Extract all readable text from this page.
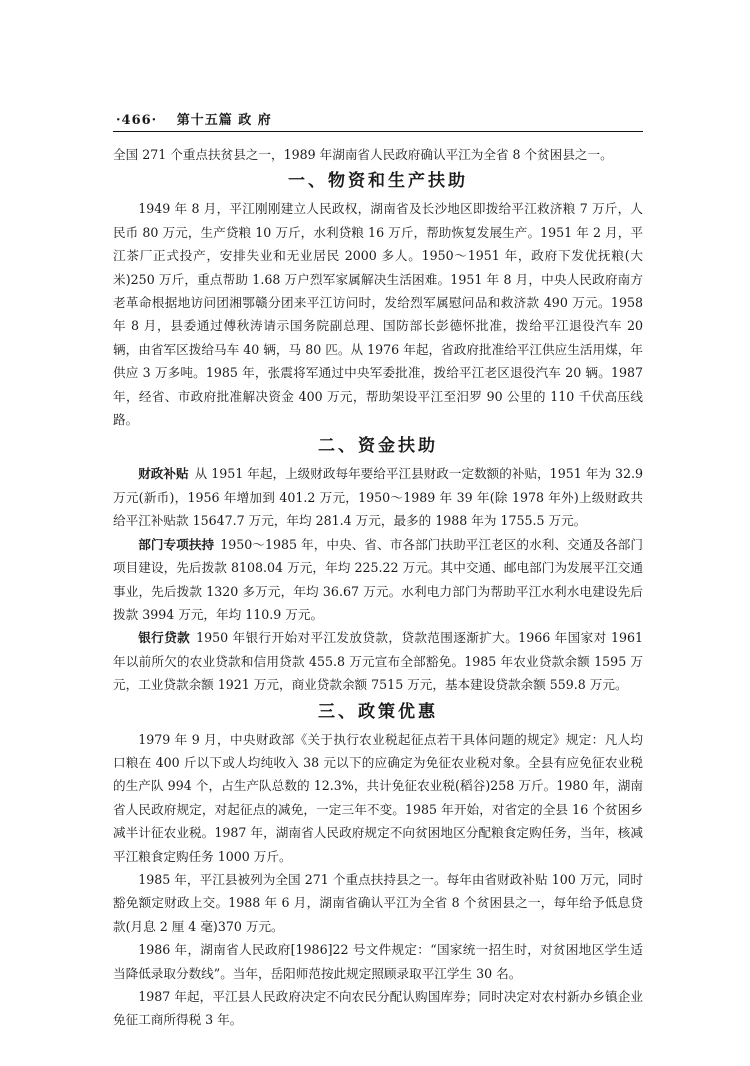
·466· 第十五篇 政 府

全国 271 个重点扶贫县之一，1989 年湖南省人民政府确认平江为全省 8 个贫困县之一。

一、物资和生产扶助

1949 年 8 月，平江刚刚建立人民政权，湖南省及长沙地区即拨给平江救济粮 7 万斤，人民币 80 万元，生产贷粮 10 万斤，水利贷粮 16 万斤，帮助恢复发展生产。1951 年 2 月，平江茶厂正式投产，安排失业和无业居民 2000 多人。1950～1951 年，政府下发优抚粮(大米)250 万斤，重点帮助 1.68 万户烈军家属解决生活困难。1951 年 8 月，中央人民政府南方老革命根据地访问团湘鄂赣分团来平江访问时，发给烈军属慰问品和救济款 490 万元。1958 年 8 月，县委通过傅秋涛请示国务院副总理、国防部长彭德怀批准，拨给平江退役汽车 20 辆，由省军区拨给马车 40 辆，马 80 匹。从 1976 年起，省政府批准给平江供应生活用煤，年供应 3 万多吨。1985 年，张震将军通过中央军委批准，拨给平江老区退役汽车 20 辆。1987 年，经省、市政府批准解决资金 400 万元，帮助架设平江至汨罗 90 公里的 110 千伏高压线路。

二、资金扶助

财政补贴 从 1951 年起，上级财政每年要给平江县财政一定数额的补贴，1951 年为 32.9 万元(新币)，1956 年增加到 401.2 万元，1950～1989 年 39 年(除 1978 年外)上级财政共给平江补贴款 15647.7 万元，年均 281.4 万元，最多的 1988 年为 1755.5 万元。

部门专项扶持 1950～1985 年，中央、省、市各部门扶助平江老区的水利、交通及各部门项目建设，先后拨款 8108.04 万元，年均 225.22 万元。其中交通、邮电部门为发展平江交通事业，先后拨款 1320 多万元，年均 36.67 万元。水利电力部门为帮助平江水利水电建设先后拨款 3994 万元，年均 110.9 万元。

银行贷款 1950 年银行开始对平江发放贷款，贷款范围逐渐扩大。1966 年国家对 1961 年以前所欠的农业贷款和信用贷款 455.8 万元宣布全部豁免。1985 年农业贷款余额 1595 万元，工业贷款余额 1921 万元，商业贷款余额 7515 万元，基本建设贷款余额 559.8 万元。

三、政策优惠

1979 年 9 月，中央财政部《关于执行农业税起征点若干具体问题的规定》规定：凡人均口粮在 400 斤以下或人均纯收入 38 元以下的应确定为免征农业税对象。全县有应免征农业税的生产队 994 个，占生产队总数的 12.3%，共计免征农业税(稻谷)258 万斤。1980 年，湖南省人民政府规定，对起征点的减免，一定三年不变。1985 年开始，对省定的全县 16 个贫困乡减半计征农业税。1987 年，湖南省人民政府规定不向贫困地区分配粮食定购任务，当年，核减平江粮食定购任务 1000 万斤。

1985 年，平江县被列为全国 271 个重点扶持县之一。每年由省财政补贴 100 万元，同时豁免额定财政上交。1988 年 6 月，湖南省确认平江为全省 8 个贫困县之一，每年给予低息贷款(月息 2 厘 4 毫)370 万元。

1986 年，湖南省人民政府[1986]22 号文件规定：“国家统一招生时，对贫困地区学生适当降低录取分数线”。当年，岳阳师范按此规定照顾录取平江学生 30 名。

1987 年起，平江县人民政府决定不向农民分配认购国库券；同时决定对农村新办乡镇企业免征工商所得税 3 年。
